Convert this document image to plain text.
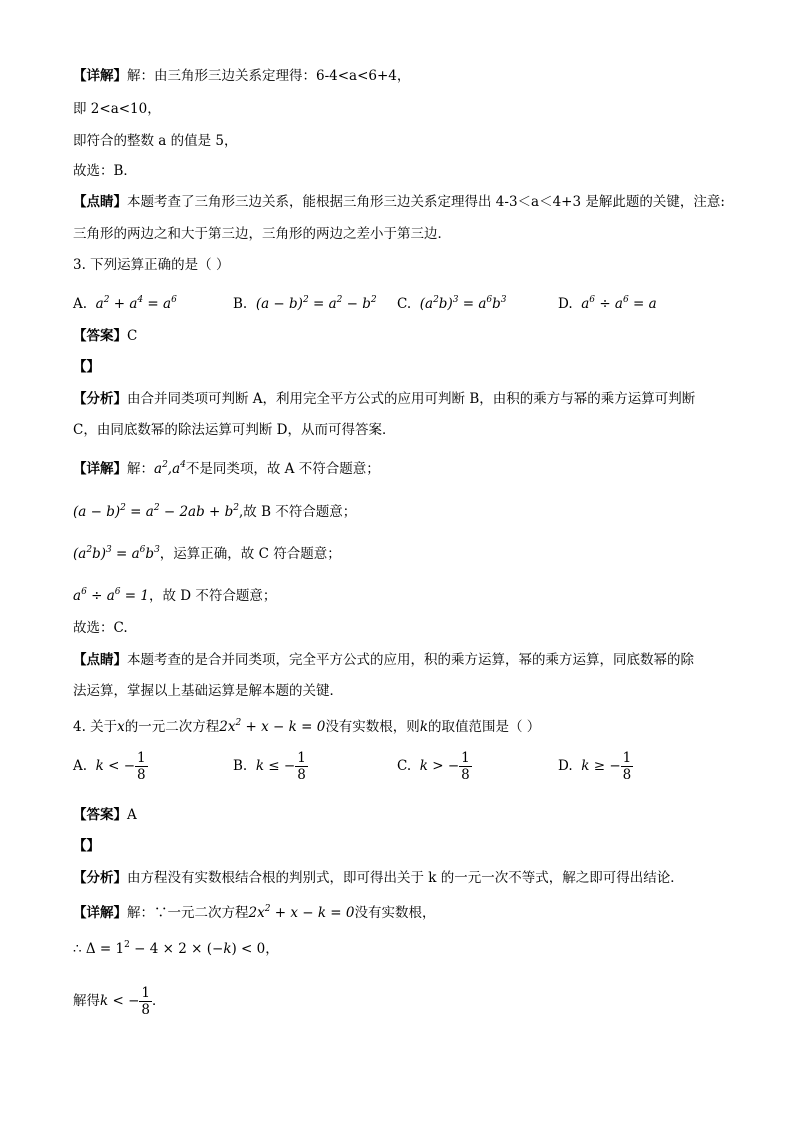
【详解】解：由三角形三边关系定理得：6-4<a<6+4，
即 2<a<10，
即符合的整数 a 的值是 5，
故选：B．
【点睛】本题考查了三角形三边关系，能根据三角形三边关系定理得出 4-3＜a＜4+3 是解此题的关键，注意:
三角形的两边之和大于第三边，三角形的两边之差小于第三边．
3. 下列运算正确的是（ ）
A. $a^2 + a^4 = a^6$	B. $(a - b)^2 = a^2 - b^2$ C. $(a^2b)^3 = a^6b^3$	D. $a^6 \div a^6 = a$
【答案】C
【】
【分析】由合并同类项可判断 A，利用完全平方公式的应用可判断 B，由积的乘方与幂的乘方运算可判断
C，由同底数幂的除法运算可判断 D，从而可得答案．
【详解】解：$a^2,a^4$不是同类项，故 A 不符合题意；
$(a - b)^2 = a^2 - 2ab + b^2$,故 B 不符合题意；
$(a^2b)^3 = a^6b^3$，运算正确，故 C 符合题意；
$a^6 \div a^6 = 1$，故 D 不符合题意；
故选：C.
【点睛】本题考查的是合并同类项，完全平方公式的应用，积的乘方运算，幂的乘方运算，同底数幂的除
法运算，掌握以上基础运算是解本题的关键．
4. 关于x的一元二次方程$2x^2 + x - k = 0$没有实数根，则k的取值范围是（ ）
A. k < − $\frac{1}{8}$	B. k ≤ − $\frac{1}{8}$	C. k > − $\frac{1}{8}$	D. k ≥ − $\frac{1}{8}$
【答案】A
【】
【分析】由方程没有实数根结合根的判别式，即可得出关于 k 的一元一次不等式，解之即可得出结论．
【详解】解：∵一元二次方程$2x^2 + x - k = 0$没有实数根，
∴ $\Delta = 1^2 - 4 \times 2 \times (-k) < 0$，
解得k < − $\frac{1}{8}$ ．
